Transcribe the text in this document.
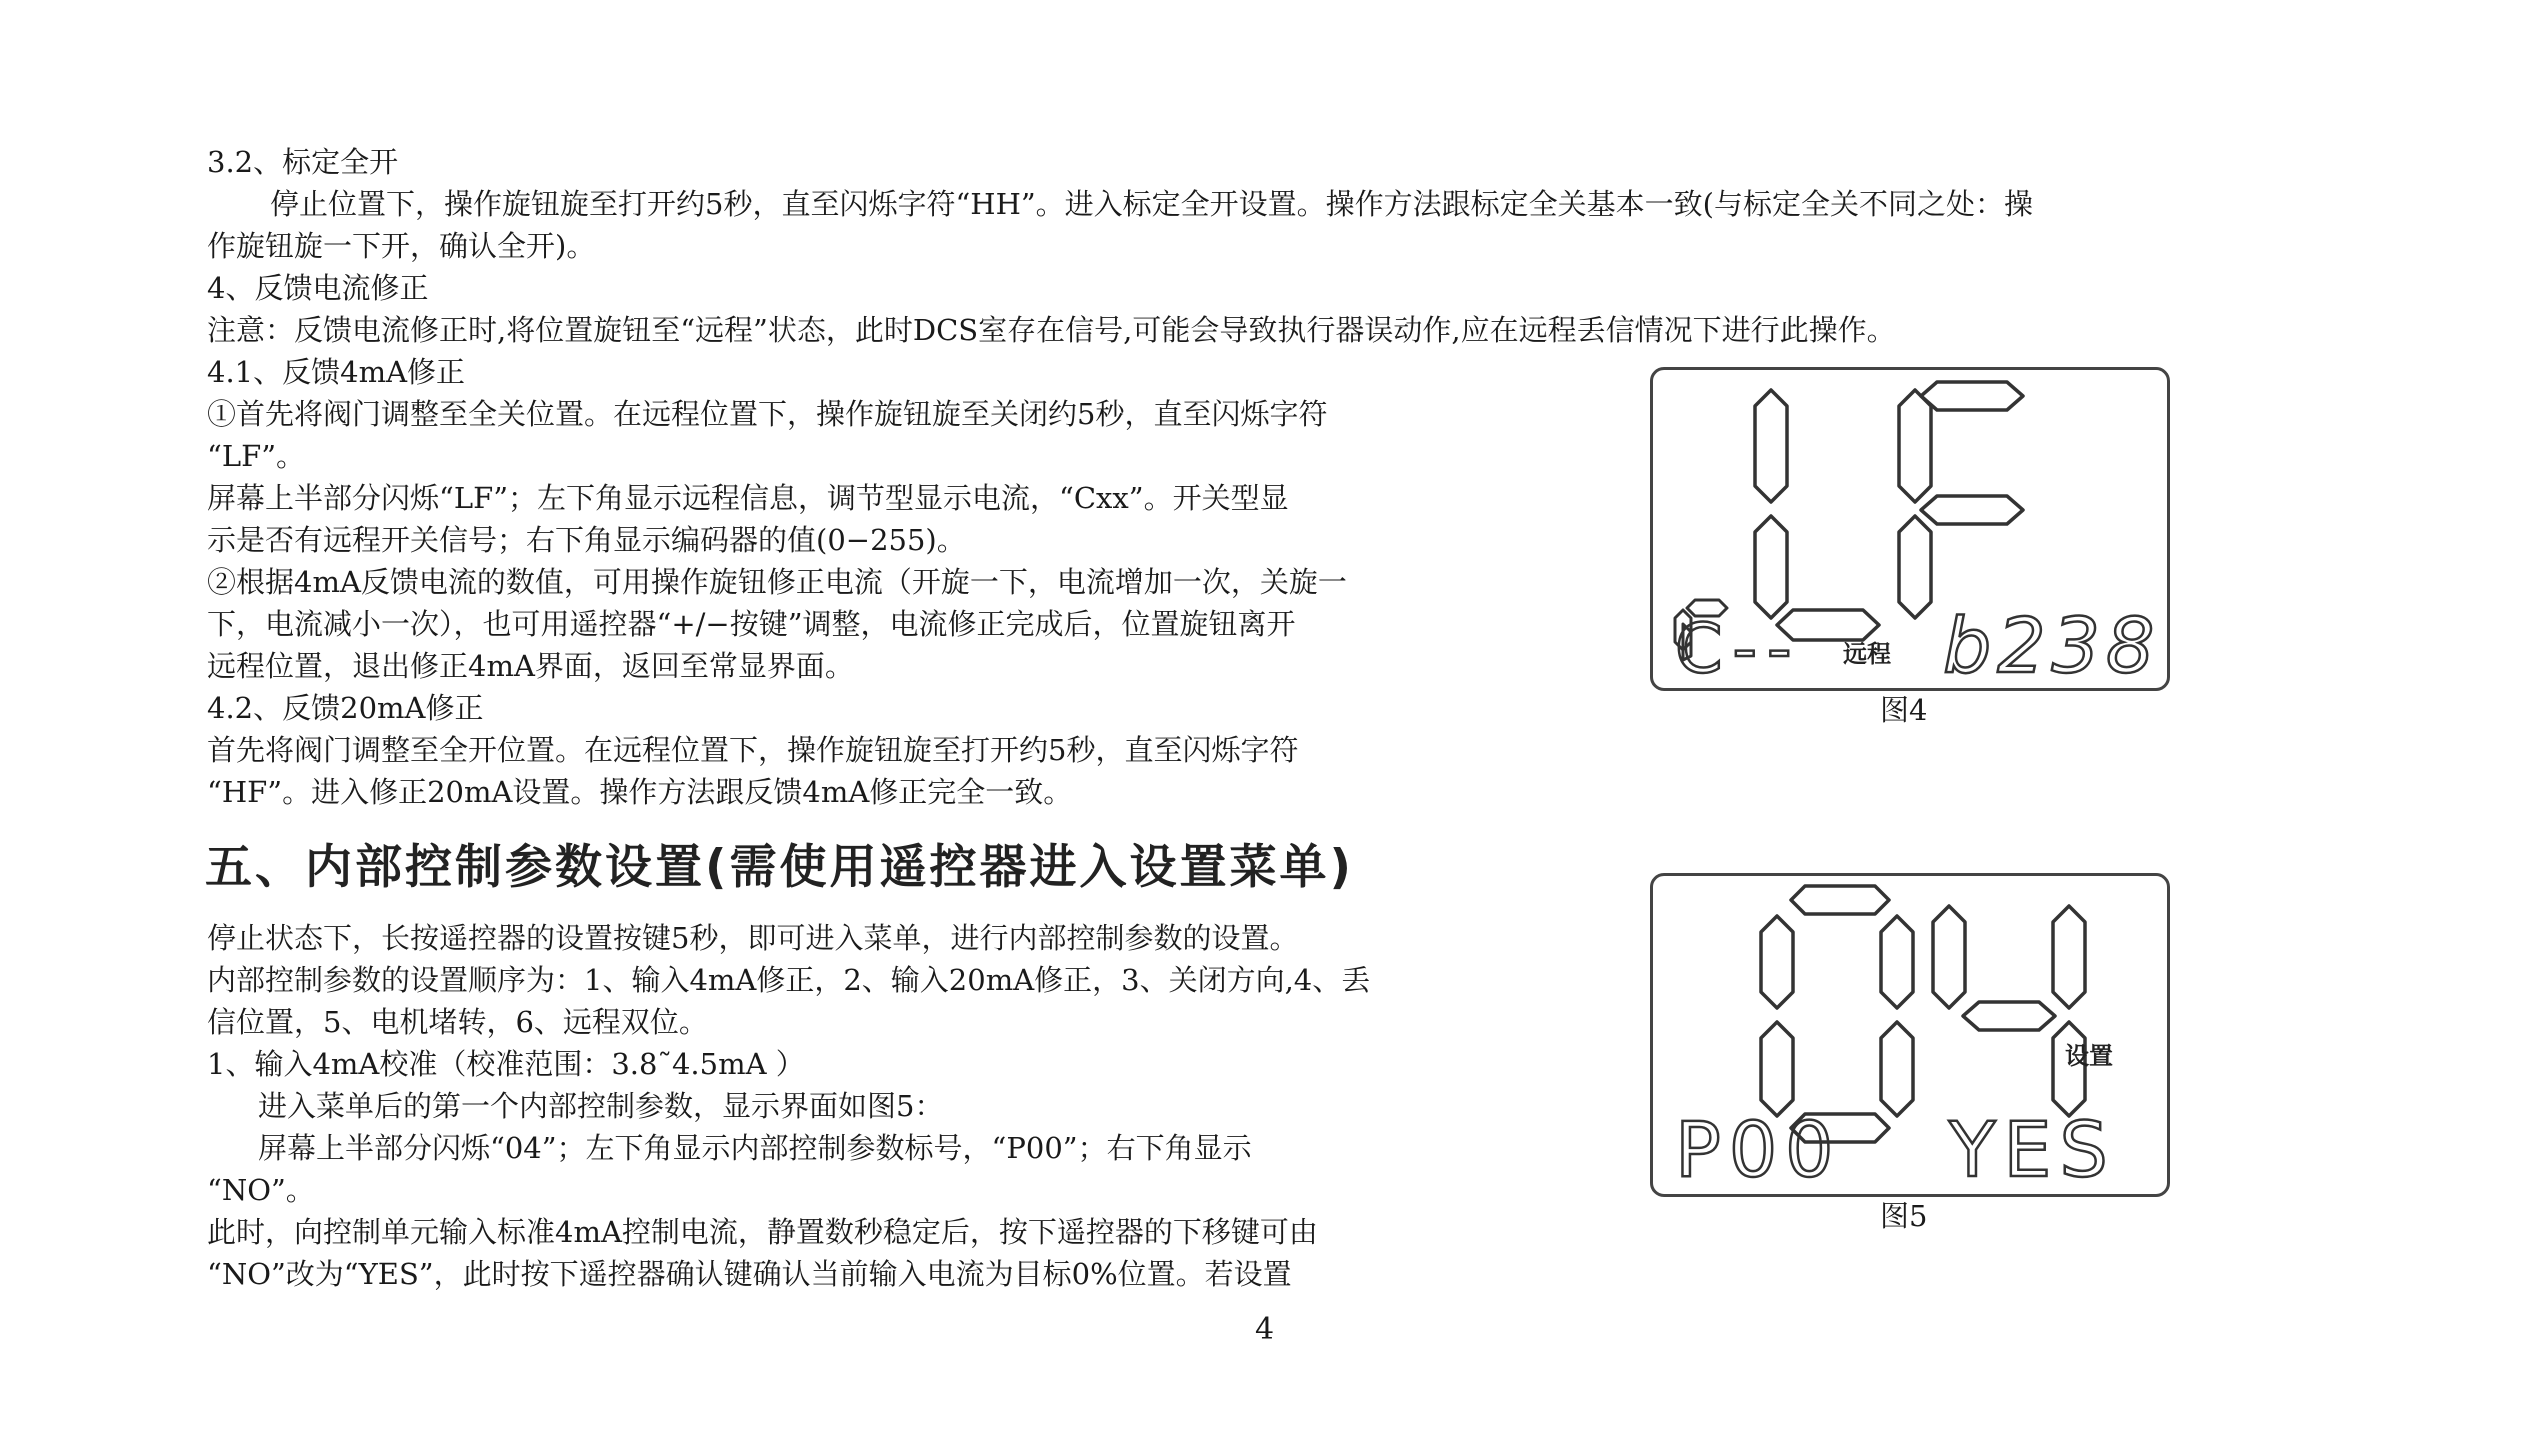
3.2、标定全开

停止位置下，操作旋钮旋至打开约5秒，直至闪烁字符“HH”。进入标定全开设置。操作方法跟标定全关基本一致(与标定全关不同之处：操

作旋钮旋一下开，确认全开)。

4、反馈电流修正

注意：反馈电流修正时,将位置旋钮至“远程”状态，此时DCS室存在信号,可能会导致执行器误动作,应在远程丢信情况下进行此操作。

4.1、反馈4mA修正

①首先将阀门调整至全关位置。在远程位置下，操作旋钮旋至关闭约5秒，直至闪烁字符

“LF”。

屏幕上半部分闪烁“LF”；左下角显示远程信息，调节型显示电流，“Cxx”。开关型显

示是否有远程开关信号；右下角显示编码器的值(0−255)。

②根据4mA反馈电流的数值，可用操作旋钮修正电流（开旋一下，电流增加一次，关旋一

下，电流减小一次），也可用遥控器“+/−按键”调整，电流修正完成后，位置旋钮离开

远程位置，退出修正4mA界面，返回至常显界面。

4.2、反馈20mA修正

首先将阀门调整至全开位置。在远程位置下，操作旋钮旋至打开约5秒，直至闪烁字符

“HF”。进入修正20mA设置。操作方法跟反馈4mA修正完全一致。

五、内部控制参数设置(需使用遥控器进入设置菜单)

停止状态下，长按遥控器的设置按键5秒，即可进入菜单，进行内部控制参数的设置。

内部控制参数的设置顺序为：1、输入4mA修正，2、输入20mA修正，3、关闭方向,4、丢

信位置，5、电机堵转，6、远程双位。

1、输入4mA校准（校准范围：3.8˜4.5mA ）

进入菜单后的第一个内部控制参数，显示界面如图5：

屏幕上半部分闪烁“04”；左下角显示内部控制参数标号，“P00”；右下角显示

“NO”。

此时，向控制单元输入标准4mA控制电流，静置数秒稳定后，按下遥控器的下移键可由

“NO”改为“YES”，此时按下遥控器确认键确认当前输入电流为目标0%位置。若设置

C-- 远程 b238
LF
图4
设置
P00 YES
04
图5
4
